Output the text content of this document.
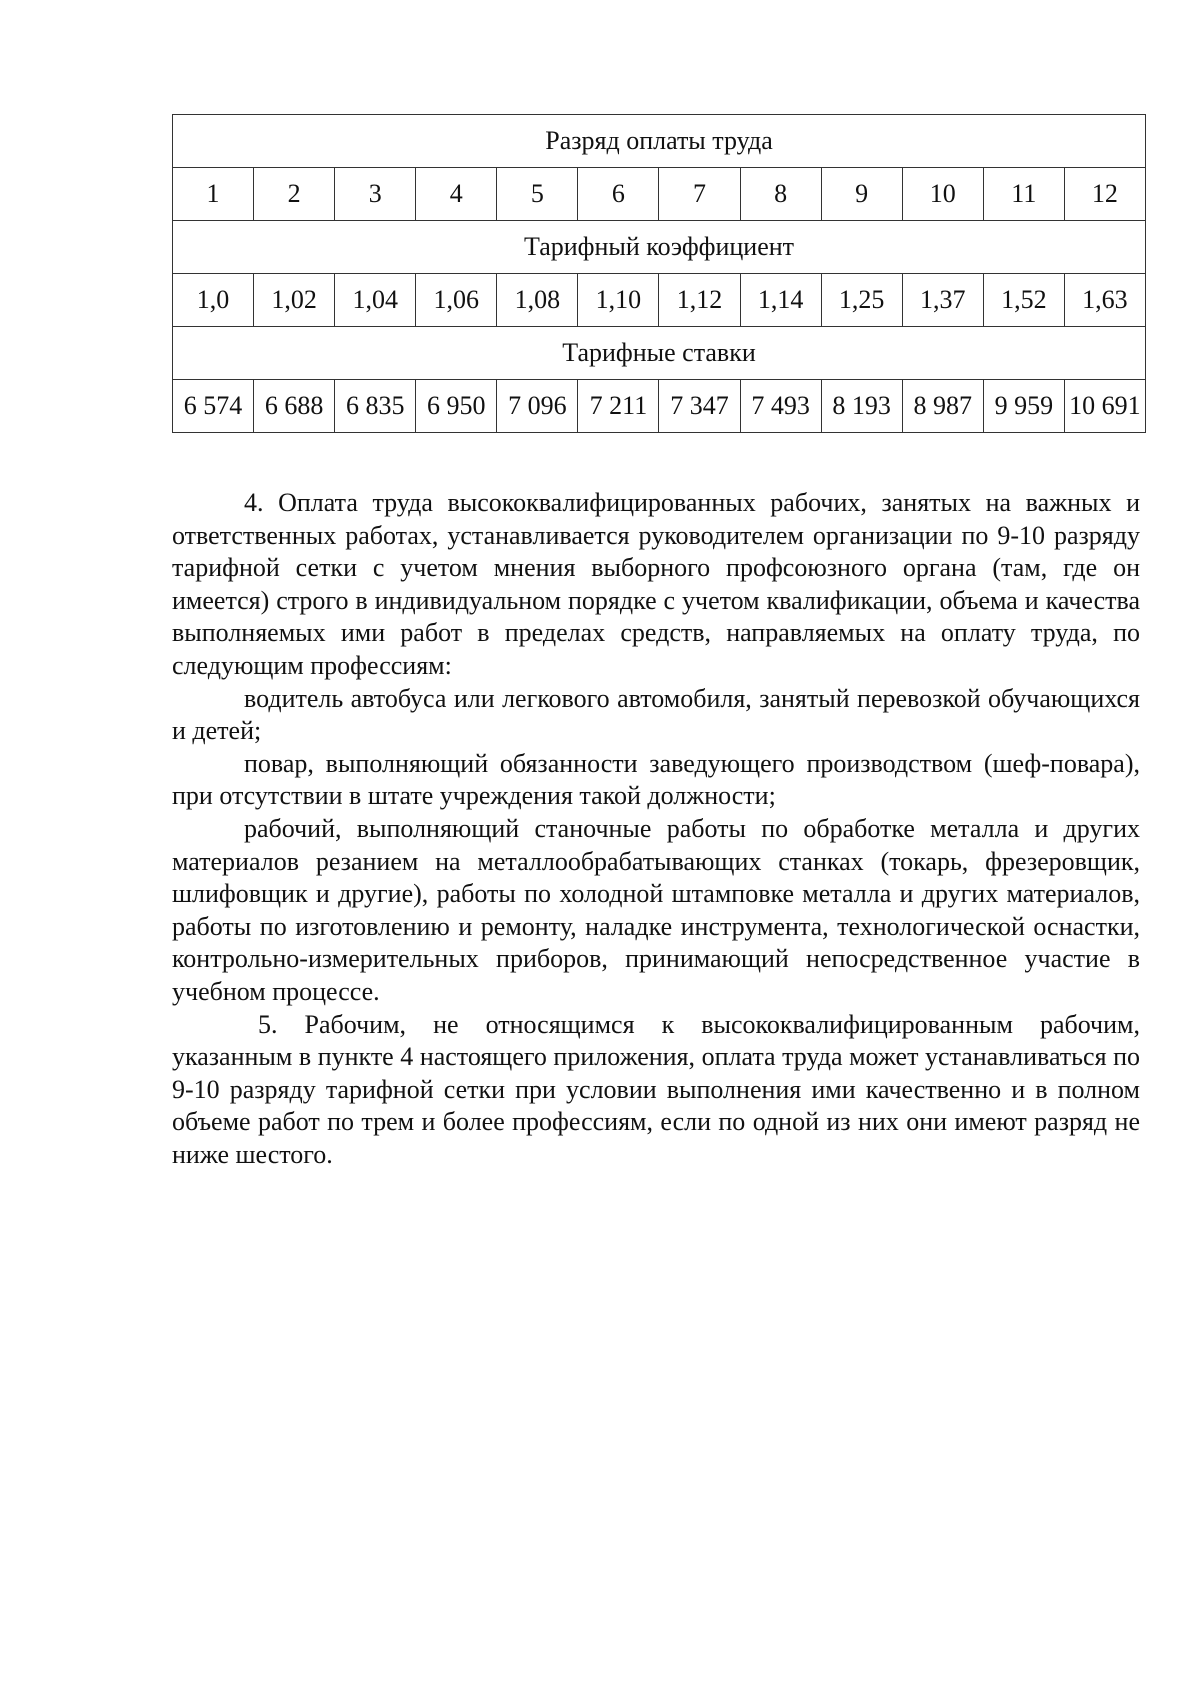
Разряд оплаты труда											
1	2	3	4	5	6	7	8	9	10	11	12
Тарифный коэффициент											
1,0	1,02	1,04	1,06	1,08	1,10	1,12	1,14	1,25	1,37	1,52	1,63
Тарифные ставки											
6 574	6 688	6 835	6 950	7 096	7 211	7 347	7 493	8 193	8 987	9 959	10 691

4. Оплата труда высококвалифицированных рабочих, занятых на важных и ответственных работах, устанавливается руководителем организации по 9-10 разряду тарифной сетки с учетом мнения выборного профсоюзного органа (там, где он имеется) строго в индивидуальном порядке с учетом квалификации, объема и качества выполняемых ими работ в пределах средств, направляемых на оплату труда, по следующим профессиям:

водитель автобуса или легкового автомобиля, занятый перевозкой обучающихся и детей;

повар, выполняющий обязанности заведующего производством (шеф-повара), при отсутствии в штате учреждения такой должности;

рабочий, выполняющий станочные работы по обработке металла и других материалов резанием на металлообрабатывающих станках (токарь, фрезеровщик, шлифовщик и другие), работы по холодной штамповке металла и других материалов, работы по изготовлению и ремонту, наладке инструмента, технологической оснастки, контрольно-измерительных приборов, принимающий непосредственное участие в учебном процессе.

5. Рабочим, не относящимся к высококвалифицированным рабочим, указанным в пункте 4 настоящего приложения, оплата труда может устанавливаться по 9-10 разряду тарифной сетки при условии выполнения ими качественно и в полном объеме работ по трем и более профессиям, если по одной из них они имеют разряд не ниже шестого.
